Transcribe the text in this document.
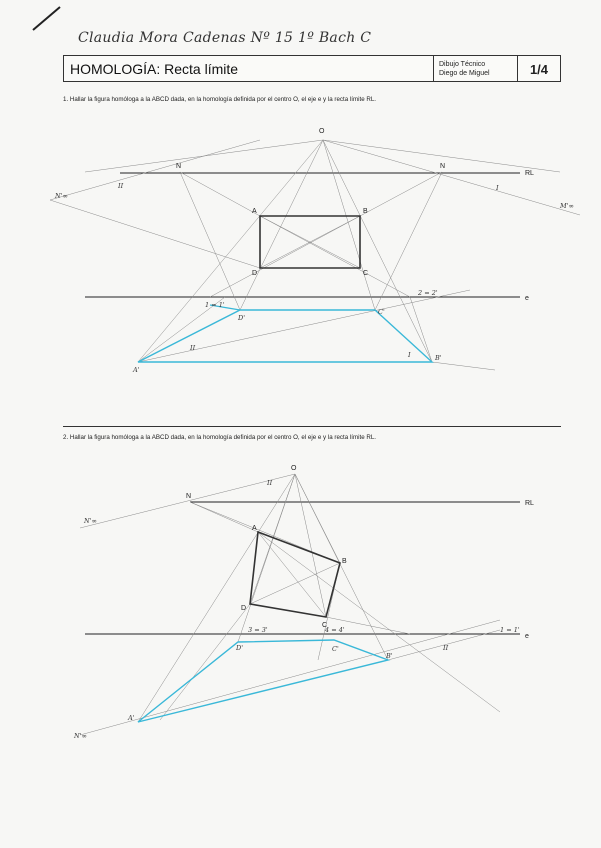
Claudia Mora Cadenas Nº 15 1º Bach C
HOMOLOGÍA: Recta límite	Dibujo Técnico
Diego de Miguel	1/4
1. Hallar la figura homóloga a la ABCD dada, en la homología definida por el centro O, el eje e y la recta límite RL.
2. Hallar la figura homóloga a la ABCD dada, en la homología definida por el centro O, el eje e y la recta límite RL.
O
RL
e
N	N
A	B
C
D
A'
B'
C'
D'
N'∞
M'∞
1 = 1'
2 = 2'
II	I
I
II
O
RL
e
N
A
B
C
D
A'
B'
C'
D'
N'∞
N'∞
1 = 1'
3 = 3'	4 = 4'
II
II
